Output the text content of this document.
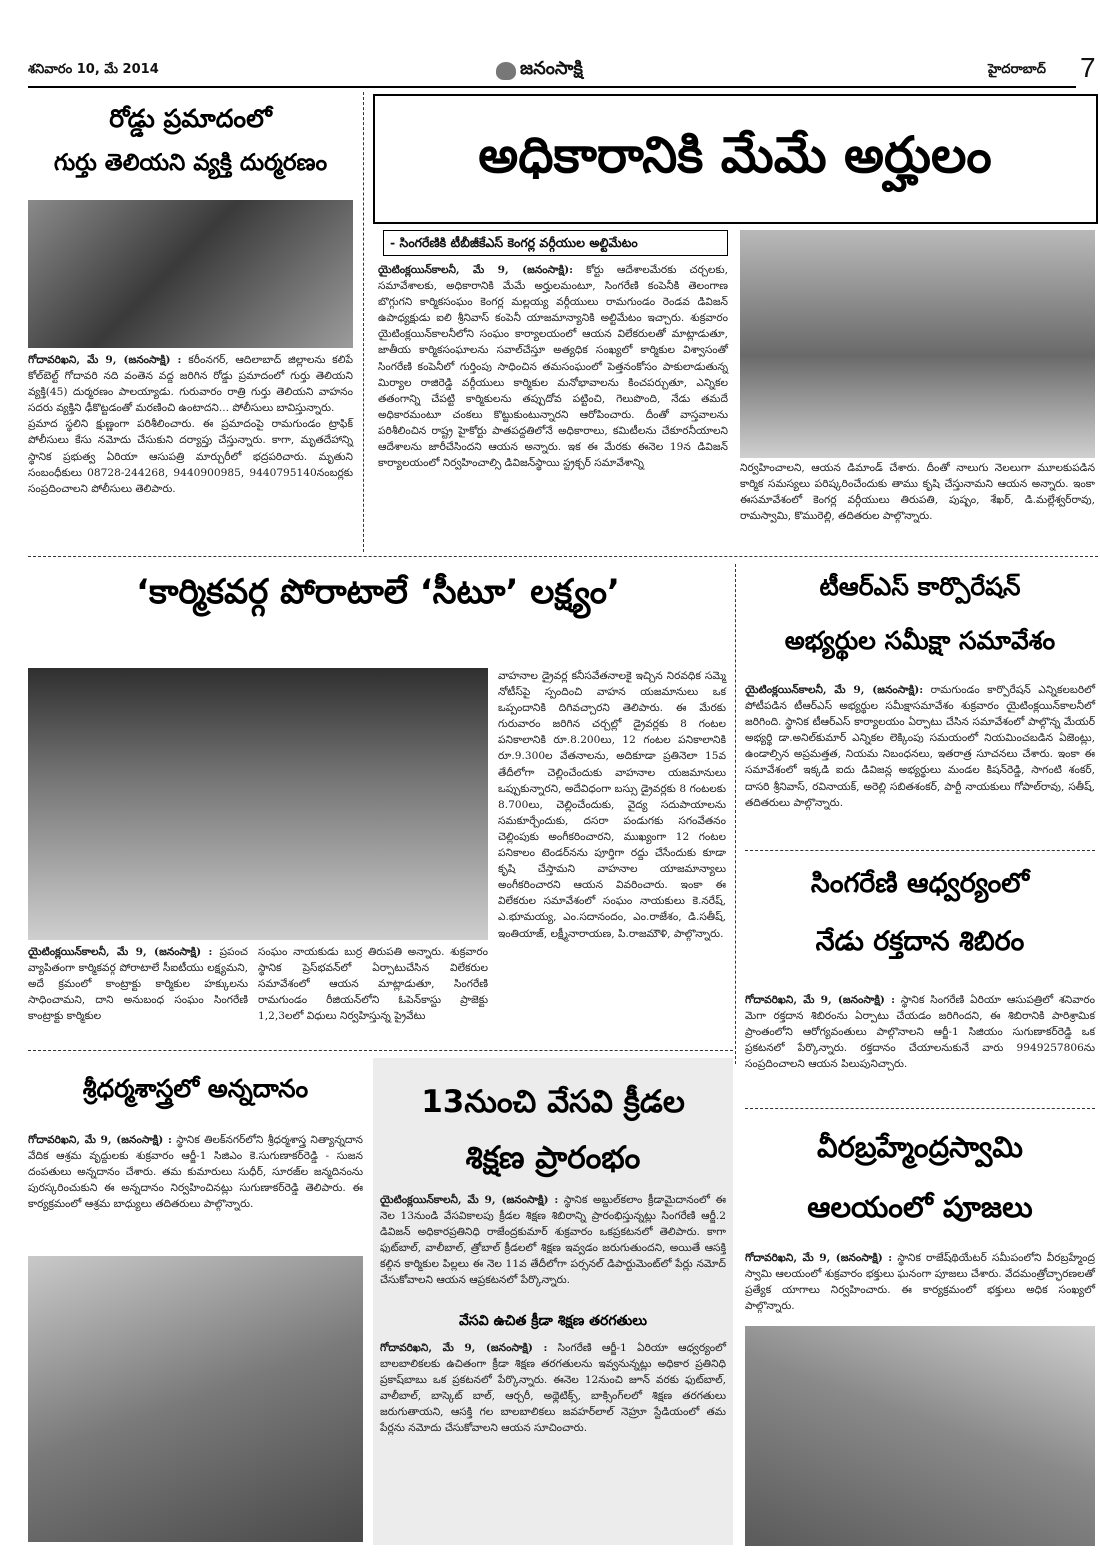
శనివారం 10, మే 2014	జనంసాక్షి	హైదరాబాద్ 7
రోడ్డు ప్రమాదంలో
గుర్తు తెలియని వ్యక్తి దుర్మరణం

గోదావరిఖని, మే 9, (జనంసాక్షి) : కరీంనగర్, ఆదిలాబాద్ జిల్లాలను కలిపే కోల్‌బెల్ట్ గోదావరి నది వంతెన వద్ద జరిగిన రోడ్డు ప్రమాదంలో గుర్తు తెలియని వ్యక్తి(45) దుర్మరణం పాలయ్యాడు. గురువారం రాత్రి గుర్తు తెలియని వాహనం సదరు వ్యక్తిని ఢీకొట్టడంతో మరణించి ఉంటాదని... పోలీసులు బావిస్తున్నారు.

ప్రమాద స్థలిని క్షుణ్ణంగా పరిశీలించారు. ఈ ప్రమాదంపై రామగుండం ట్రాఫిక్ పోలీసులు కేసు నమోదు చేసుకుని దర్యాప్తు చేస్తున్నారు. కాగా, మృతదేహాన్ని స్థానిక ప్రభుత్వ ఏరియా ఆసుపత్రి మార్చురీలో భద్రపరిచారు. మృతుని సంబంధీకులు 08728-244268, 9440900985, 9440795140నంబర్లకు సంప్రదించాలని పోలీసులు తెలిపారు.

అధికారానికి మేమే అర్హులం
- సింగరేణికి టీబీజీకేఎస్ కెంగర్ల వర్గీయుల అల్టిమేటం
యైటింక్లయిన్‌కాలనీ, మే 9, (జనంసాక్షి): కోర్టు ఆదేశాలమేరకు చర్చలకు, సమావేశాలకు, అధికారానికి మేమే అర్హులమంటూ, సింగరేణి కంపెనీకి తెలంగాణ బొగ్గుగని కార్మికసంఘం కెంగర్ల మల్లయ్య వర్గీయులు రామగుండం రెండవ డివిజన్ ఉపాధ్యక్షుడు ఐలి శ్రీనివాస్ కంపెనీ యాజమాన్యానికి అల్టిమేటం ఇచ్చారు. శుక్రవారం యైటింక్లయిన్‌కాలనీలోని సంఘం కార్యాలయంలో ఆయన విలేకరులతో మాట్లాడుతూ, జాతీయ కార్మికసంఘాలను సవాల్‌చేస్తూ అత్యధిక సంఖ్యలో కార్మికుల విశ్వాసంతో సింగరేణి కంపెనీలో గుర్తింపు సాధించిన తమసంఘంలో పెత్తనంకోసం పాకులాడుతున్న మిర్యాల రాజిరెడ్డి వర్గీయులు కార్మికుల మనోభావాలను కించపర్చుతూ, ఎన్నికల తతంగాన్ని చేపట్టి కార్మికులను తప్పుదోవ పట్టించి, గెలుపొంది, నేడు తమదే అధికారమంటూ చంకలు కొట్టుకుంటున్నారని ఆరోపించారు. దీంతో వాస్తవాలను పరిశీలించిన రాష్ట్ర హైకోర్టు పాతపద్దతిలోనే అధికారాలు, కమిటీలను చేకూరనీయాలని ఆదేశాలను జారీచేసిందని ఆయన అన్నారు. ఇక ఈ మేరకు ఈనెల 19న డివిజన్ కార్యాలయంలో నిర్వహించాల్సి డివిజన్‌స్థాయి స్ట్రక్చర్ సమావేశాన్ని	నిర్వహించాలని, ఆయన డిమాండ్ చేశారు. దీంతో నాలుగు నెలలుగా మూలకుపడిన కార్మిక సమస్యలు పరిష్కరించేందుకు తాము కృషి చేస్తునామని ఆయన అన్నారు. ఇంకా ఈసమావేశంలో కెంగర్ల వర్గీయులు తిరుపతి, పుష్పం, శేఖర్, డి.మల్లేశ్వర్‌రావు, రామస్వామి, కొమురెల్లి, తదితరుల పాల్గొన్నారు.
‘కార్మికవర్గ పోరాటాలే ‘సీటూ’ లక్ష్యం’
యైటింక్లయిన్‌కాలనీ, మే 9, (జనంసాక్షి) : ప్రపంచ వ్యాపితంగా కార్మికవర్గ పోరాటాలే సీఐటీయు లక్ష్యమని, అదే క్రమంలో కాంట్రాక్టు కార్మికుల హక్కులను సాధించామని, దాని అనుబంధ సంఘం సింగరేణి కాంట్రాక్టు కార్మికుల
సంఘం నాయకుడు బుర్ర తిరుపతి అన్నారు. శుక్రవారం స్థానిక ప్రెస్‌భవన్‌లో ఏర్పాటుచేసిన విలేకరుల సమావేశంలో ఆయన మాట్లాడుతూ, సింగరేణి రామగుండం రీజియన్‌లోని ఓపెన్‌కాస్టు ప్రాజెక్టు 1,2,3లలో విధులు నిర్వహిస్తున్న ప్రైవేటు
వాహనాల డ్రైవర్ల కనీసవేతనాలకై ఇచ్చిన నిరవధిక సమ్మె నోటీస్‌పై స్పందించి వాహన యజమానులు ఒక ఒప్పందానికి దిగివచ్చారని తెలిపారు. ఈ మేరకు గురువారం జరిగిన చర్చల్లో డ్రైవర్లకు 8 గంటల పనికాలానికి రూ.8.200లు, 12 గంటల పనికాలానికి రూ.9.300ల వేతనాలను, అదికూడా ప్రతినెలా 15వ తేదీలోగా చెల్లించేందుకు వాహనాల యజమానులు ఒప్పుకున్నారని, అదేవిధంగా బస్సు డ్రైవర్లకు 8 గంటలకు 8.700లు, చెల్లించేందుకు, వైద్య సదుపాయాలను సమకూర్చేందుకు, దసరా పండుగకు సగంవేతనం చెల్లింపుకు అంగీకరించారని, ముఖ్యంగా 12 గంటల పనికాలం టెండర్‌నను పూర్తిగా రద్దు చేసేందుకు కూడా కృషి చేస్తామని వాహనాల యాజమాన్యాలు అంగీకరించారని ఆయన వివరించారు. ఇంకా ఈ విలేకరుల సమావేశంలో సంఘం నాయకులు కె.నరేష్, ఎ.భూమయ్య, ఎం.సదానందం, ఎం.రాజేశం, డి.సతీష్, ఇంతియాజ్, లక్ష్మీనారాయణ, పి.రాజమౌళి, పాల్గొన్నారు.
టీఆర్ఎస్ కార్పొరేషన్
అభ్యర్థుల సమీక్షా సమావేశం
యైటింక్లయిన్‌కాలనీ, మే 9, (జనంసాక్షి): రామగుండం కార్పొరేషన్ ఎన్నికలబరిలో పోటీపడిన టీఆర్ఎస్ అభ్యర్థుల సమీక్షాసమావేశం శుక్రవారం యైటింక్లయిన్‌కాలనీలో జరిగింది. స్థానిక టీఆర్ఎస్ కార్యాలయం ఏర్పాటు చేసిన సమావేశంలో పాల్గొన్న మేయర్ అభ్యర్థి డా.అనిల్‌కుమార్ ఎన్నికల లెక్కింపు సమయంలో నియమించబడిన ఏజెంట్లు, ఉండాల్సిన అప్రమత్తత, నియమ నిబంధనలు, ఇతరాత్ర సూచనలు చేశారు. ఇంకా ఈ సమావేశంలో ఇక్కడి ఐదు డివిజన్ల అభ్యర్థులు మండల కిషన్‌రెడ్డి, సాగంటి శంకర్, దాసరి శ్రీనివాస్, రవినాయక్, అరెల్లి సబితశంకర్, పార్టీ నాయకులు గోపాల్‌రావు, సతీష్, తదితరులు పాల్గొన్నారు.
సింగరేణి ఆధ్వర్యంలో
నేడు రక్తదాన శిబిరం
గోదావరిఖని, మే 9, (జనంసాక్షి) : స్థానిక సింగరేణి ఏరియా ఆసుపత్రిలో శనివారం మెగా రక్తదాన శిబిరంను ఏర్పాటు చేయడం జరిగిందని, ఈ శిబిరానికి పారిశ్రామిక ప్రాంతంలోని ఆరోగ్యవంతులు పాల్గొనాలని ఆర్జీ-1 సిజియం సుగుణాకర్‌రెడ్డి ఒక ప్రకటనలో పేర్కొన్నారు. రక్తదానం చేయాలనుకునే వారు 9949257806ను సంప్రదించాలని ఆయన పిలుపునిచ్చారు.
శ్రీధర్మశాస్త్రలో అన్నదానం
గోదావరిఖని, మే 9, (జనంసాక్షి) : స్థానిక తిలక్‌నగర్‌లోని శ్రీధర్మశాస్త్ర నిత్యాన్నదాన వేదిక ఆశ్రమ వృద్దులకు శుక్రవారం ఆర్జీ-1 సిజిఎం కె.సుగుణాకర్‌రెడ్డి - సుజన దంపతులు అన్నదానం చేశారు. తమ కుమారులు సుధీర్, సూరజ్‌ల జన్మదినంను పురస్కరించుకుని ఈ అన్నదానం నిర్వహించినట్లు సుగుణాకర్‌రెడ్డి తెలిపారు. ఈ కార్యక్రమంలో ఆశ్రమ బాధ్యులు తదితరులు పాల్గొన్నారు.
13నుంచి వేసవి క్రీడల
శిక్షణ ప్రారంభం
యైటింక్లయిన్‌కాలనీ, మే 9, (జనంసాక్షి) : స్థానిక అబ్దుల్‌కలాం క్రీడామైదానంలో ఈ నెల 13నుండి వేసవికాలపు క్రీడల శిక్షణ శిబిరాన్ని ప్రారంభిస్తున్నట్లు సింగరేణి ఆర్జీ.2 డివిజన్ అధికారప్రతినిధి రాజేంద్రకుమార్ శుక్రవారం ఒకప్రకటనలో తెలిపారు. కాగా ఫుట్‌బాల్, వాలీబాల్, త్రోబాల్ క్రీడలలో శిక్షణ ఇవ్వడం జరుగుతుందని, అయితే ఆసక్తి కల్గిన కార్మికుల పిల్లలు ఈ నెల 11వ తేదీలోగా పర్సనల్ డిపార్టుమెంట్‌లో పేర్లు నమోద్ చేసుకోవాలని ఆయన ఆప్రకటనలో పేర్కొన్నారు.
వేసవి ఉచిత క్రీడా శిక్షణ తరగతులు
గోదావరిఖని, మే 9, (జనంసాక్షి) : సింగరేణి ఆర్జీ-1 ఏరియా ఆధ్వర్యంలో బాలబాలికలకు ఉచితంగా క్రీడా శిక్షణ తరగతులను ఇవ్వనున్నట్లు అధికార ప్రతినిధి ప్రకాష్‌బాబు ఒక ప్రకటనలో పేర్కొన్నారు. ఈనెల 12నుంచి జూన్ వరకు ఫుట్‌బాల్, వాలీబాల్, బాస్కెట్ బాల్, ఆర్చరీ, అథ్లెటిక్స్, బాక్సింగ్‌లలో శిక్షణ తరగతులు జరుగుతాయని, ఆసక్తి గల బాలబాలికలు జవహర్‌లాల్ నెహ్రూ స్టేడియంలో తమ పేర్లను నమోదు చేసుకోవాలని ఆయన సూచించారు.
వీరబ్రహ్మేంద్రస్వామి
ఆలయంలో పూజలు
గోదావరిఖని, మే 9, (జనంసాక్షి) : స్థానిక రాజేష్‌థియేటర్ సమీపంలోని వీరబ్రహ్మేంద్ర స్వామి ఆలయంలో శుక్రవారం భక్తులు ఘనంగా పూజలు చేశారు. వేదమంత్రోచ్ఛారణలతో ప్రత్యేక యాగాలు నిర్వహించారు. ఈ కార్యక్రమంలో భక్తులు అధిక సంఖ్యలో పాల్గొన్నారు.
